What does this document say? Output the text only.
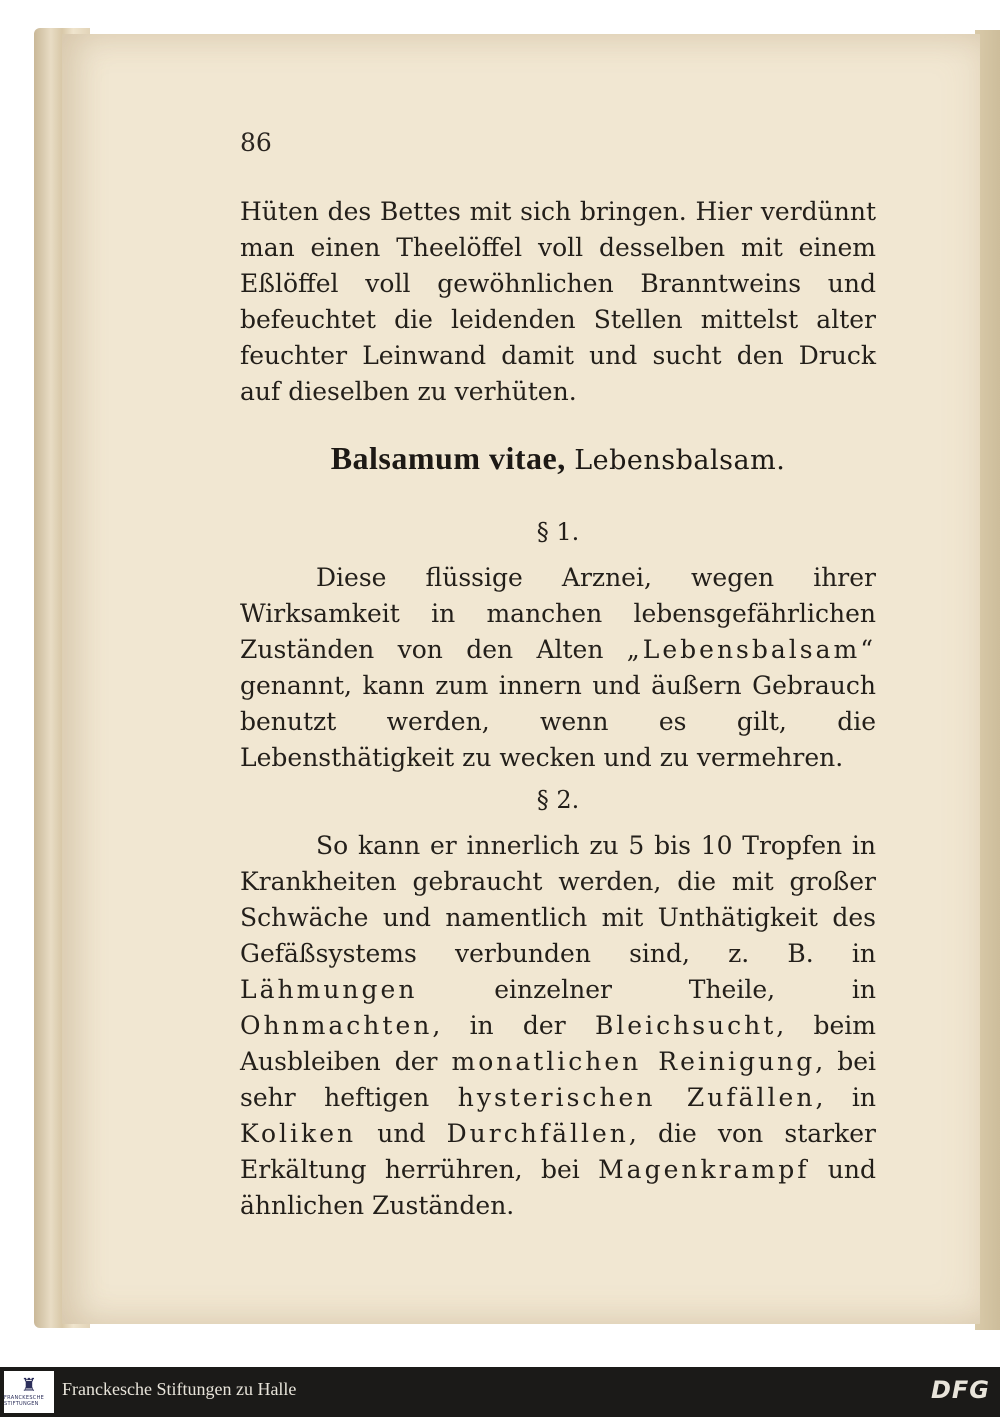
86
Hüten des Bettes mit sich bringen. Hier verdünnt man einen Theelöffel voll desselben mit einem Eßlöffel voll gewöhnlichen Branntweins und befeuchtet die leidenden Stellen mittelst alter feuchter Leinwand damit und sucht den Druck auf dieselben zu verhüten.
Balsamum vitae, Lebensbalsam.
§ 1.
Diese flüssige Arznei, wegen ihrer Wirksamkeit in manchen lebensgefährlichen Zuständen von den Alten „Lebensbalsam“ genannt, kann zum innern und äußern Gebrauch benutzt werden, wenn es gilt, die Lebensthätigkeit zu wecken und zu vermehren.
§ 2.
So kann er innerlich zu 5 bis 10 Tropfen in Krankheiten gebraucht werden, die mit großer Schwäche und namentlich mit Unthätigkeit des Gefäßsystems verbunden sind, z. B. in Lähmungen einzelner Theile, in Ohnmachten, in der Bleichsucht, beim Ausbleiben der monatlichen Reinigung, bei sehr heftigen hysterischen Zufällen, in Koliken und Durchfällen, die von starker Erkältung herrühren, bei Magenkrampf und ähnlichen Zuständen.
♜
FRANCKESCHE STIFTUNGEN
Franckesche Stiftungen zu Halle	DFG
